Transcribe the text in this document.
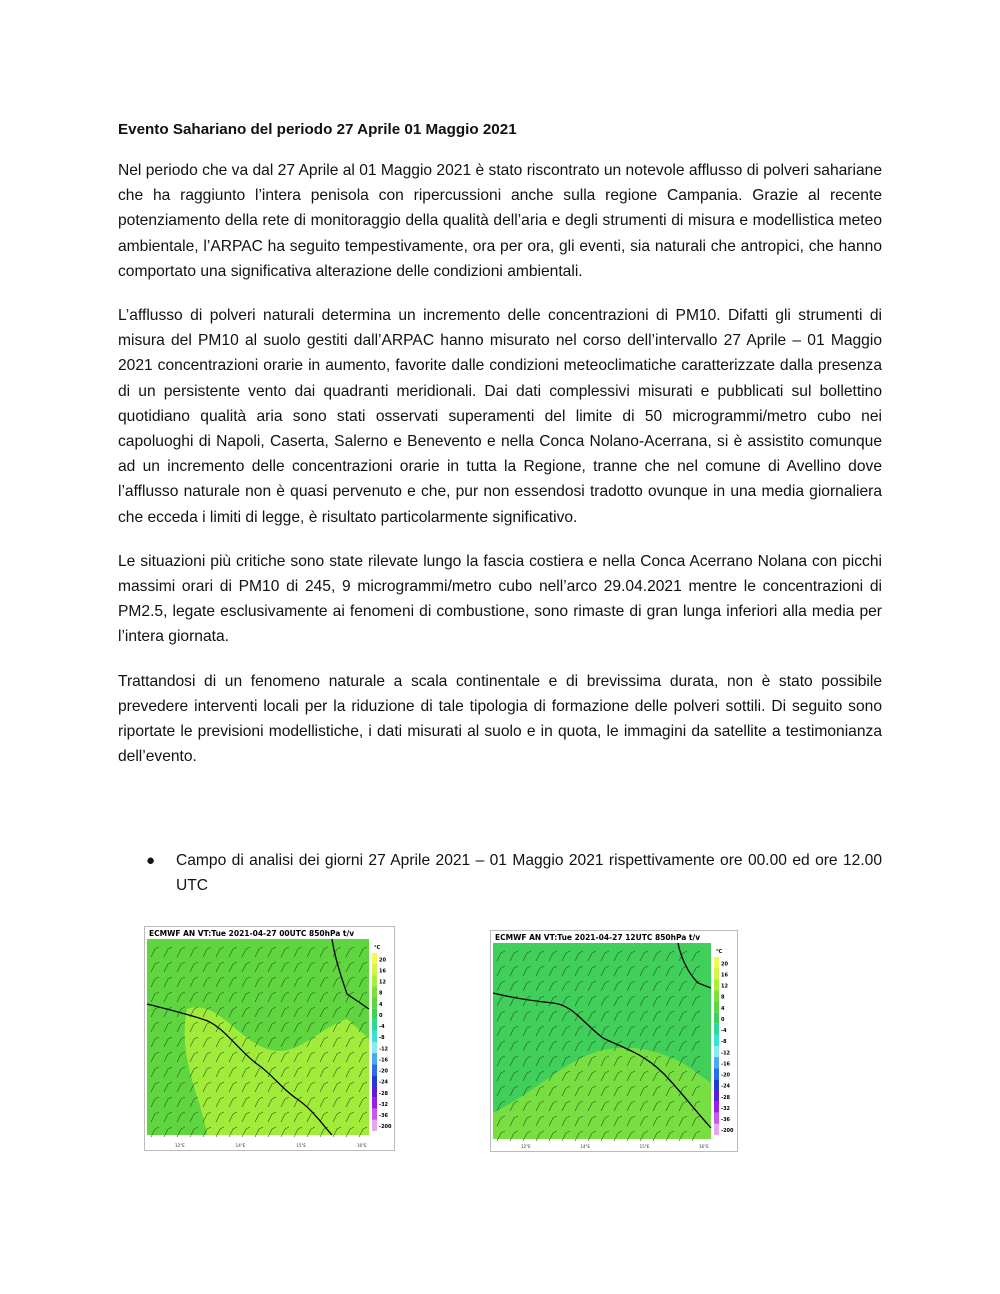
Evento Sahariano del periodo 27 Aprile 01 Maggio 2021

Nel periodo che va dal 27 Aprile al 01 Maggio 2021 è stato riscontrato un notevole afflusso di polveri sahariane che ha raggiunto l’intera penisola con ripercussioni anche sulla regione Campania. Grazie al recente potenziamento della rete di monitoraggio della qualità dell’aria e degli strumenti di misura e modellistica meteo ambientale, l’ARPAC ha seguito tempestivamente, ora per ora, gli eventi, sia naturali che antropici, che hanno comportato una significativa alterazione delle condizioni ambientali.

L’afflusso di polveri naturali determina un incremento delle concentrazioni di PM10. Difatti gli strumenti di misura del PM10 al suolo gestiti dall’ARPAC hanno misurato nel corso dell’intervallo 27 Aprile – 01 Maggio 2021 concentrazioni orarie in aumento, favorite dalle condizioni meteoclimatiche caratterizzate dalla presenza di un persistente vento dai quadranti meridionali. Dai dati complessivi misurati e pubblicati sul bollettino quotidiano qualità aria sono stati osservati superamenti del limite di 50 microgrammi/metro cubo nei capoluoghi di Napoli, Caserta, Salerno e Benevento e nella Conca Nolano-Acerrana, si è assistito comunque ad un incremento delle concentrazioni orarie in tutta la Regione, tranne che nel comune di Avellino dove l’afflusso naturale non è quasi pervenuto e che, pur non essendosi tradotto ovunque in una media giornaliera che ecceda i limiti di legge, è risultato particolarmente significativo.

Le situazioni più critiche sono state rilevate lungo la fascia costiera e nella Conca Acerrano Nolana con picchi massimi orari di PM10 di 245, 9 microgrammi/metro cubo nell’arco 29.04.2021 mentre le concentrazioni di PM2.5, legate esclusivamente ai fenomeni di combustione, sono rimaste di gran lunga inferiori alla media per l’intera giornata.

Trattandosi di un fenomeno naturale a scala continentale e di brevissima durata, non è stato possibile prevedere interventi locali per la riduzione di tale tipologia di formazione delle polveri sottili. Di seguito sono riportate le previsioni modellistiche, i dati misurati al suolo e in quota, le immagini da satellite a testimonianza dell’evento.

● Campo di analisi dei giorni 27 Aprile 2021 – 01 Maggio 2021 rispettivamente ore 00.00 ed ore 12.00 UTC
°C
20
16
12
8
4
0
-4
-8
-12
-16
-20
-24
-28
-32
-36
-200
12°E	14°E	15°E	16°E
ECMWF AN VT:Tue 2021-04-27 00UTC 850hPa t/v
°C
20
16
12
8
4
0
-4
-8
-12
-16
-20
-24
-28
-32
-36
-200
12°E	14°E	15°E	16°E
ECMWF AN VT:Tue 2021-04-27 12UTC 850hPa t/v
